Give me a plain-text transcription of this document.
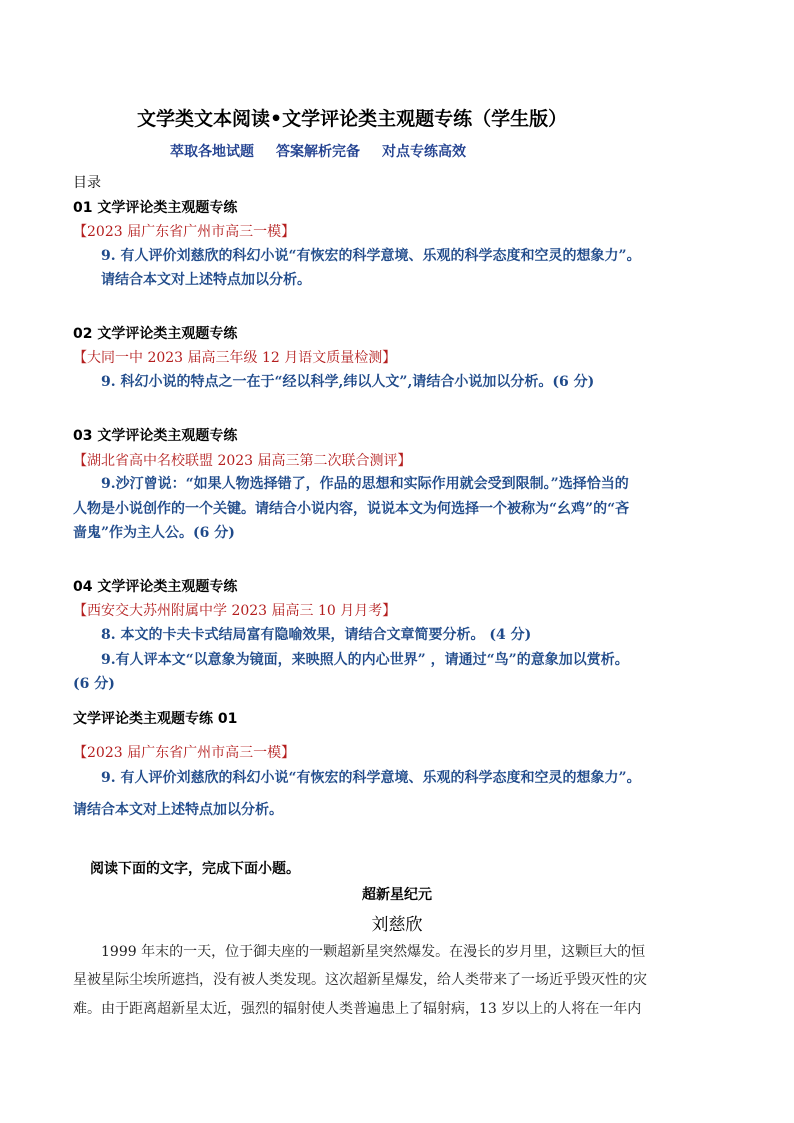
文学类文本阅读•文学评论类主观题专练（学生版）
萃取各地试题 答案解析完备 对点专练高效
目录
01 文学评论类主观题专练
【2023 届广东省广州市高三一模】
9. 有人评价刘慈欣的科幻小说“有恢宏的科学意境、乐观的科学态度和空灵的想象力”。
请结合本文对上述特点加以分析。
02 文学评论类主观题专练
【大同一中 2023 届高三年级 12 月语文质量检测】
9. 科幻小说的特点之一在于“经以科学,纬以人文”,请结合小说加以分析。(6 分)
03 文学评论类主观题专练
【湖北省高中名校联盟 2023 届高三第二次联合测评】
9.沙汀曾说：“如果人物选择错了，作品的思想和实际作用就会受到限制。”选择恰当的
人物是小说创作的一个关键。请结合小说内容，说说本文为何选择一个被称为“幺鸡”的“吝
啬鬼”作为主人公。(6 分)
04 文学评论类主观题专练
【西安交大苏州附属中学 2023 届高三 10 月月考】
8. 本文的卡夫卡式结局富有隐喻效果，请结合文章简要分析。 (4 分)
9.有人评本文“以意象为镜面，来映照人的内心世界” ，请通过“鸟”的意象加以赏析。
(6 分)
文学评论类主观题专练 01
【2023 届广东省广州市高三一模】
9. 有人评价刘慈欣的科幻小说“有恢宏的科学意境、乐观的科学态度和空灵的想象力”。
请结合本文对上述特点加以分析。
阅读下面的文字，完成下面小题。
超新星纪元
刘慈欣
1999 年末的一天，位于御夫座的一颗超新星突然爆发。在漫长的岁月里，这颗巨大的恒
星被星际尘埃所遮挡，没有被人类发现。这次超新星爆发，给人类带来了一场近乎毁灭性的灾
难。由于距离超新星太近，强烈的辐射使人类普遍患上了辐射病，13 岁以上的人将在一年内
